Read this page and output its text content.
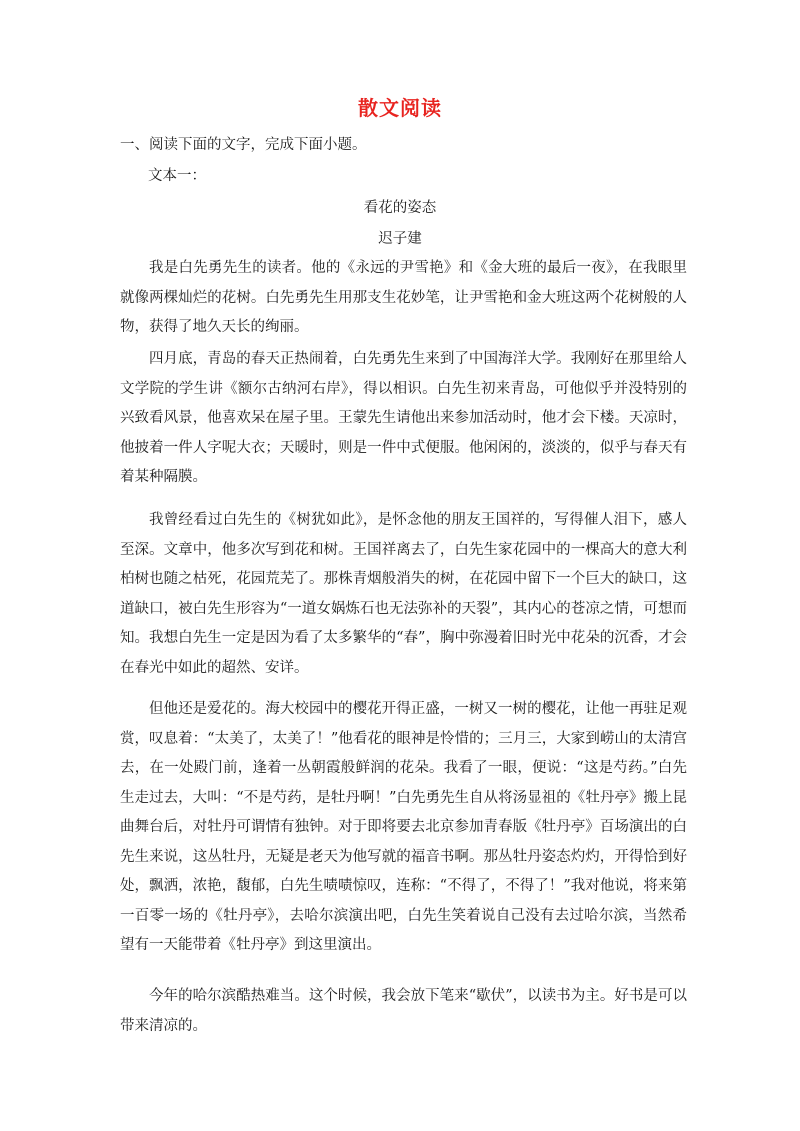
散文阅读

一、阅读下面的文字，完成下面小题。

文本一：

看花的姿态

迟子建

我是白先勇先生的读者。他的《永远的尹雪艳》和《金大班的最后一夜》，在我眼里就像两棵灿烂的花树。白先勇先生用那支生花妙笔，让尹雪艳和金大班这两个花树般的人物，获得了地久天长的绚丽。

四月底，青岛的春天正热闹着，白先勇先生来到了中国海洋大学。我刚好在那里给人文学院的学生讲《额尔古纳河右岸》，得以相识。白先生初来青岛，可他似乎并没特别的兴致看风景，他喜欢呆在屋子里。王蒙先生请他出来参加活动时，他才会下楼。天凉时，他披着一件人字呢大衣；天暖时，则是一件中式便服。他闲闲的，淡淡的，似乎与春天有着某种隔膜。

我曾经看过白先生的《树犹如此》，是怀念他的朋友王国祥的，写得催人泪下，感人至深。文章中，他多次写到花和树。王国祥离去了，白先生家花园中的一棵高大的意大利柏树也随之枯死，花园荒芜了。那株青烟般消失的树，在花园中留下一个巨大的缺口，这道缺口，被白先生形容为“一道女娲炼石也无法弥补的天裂”，其内心的苍凉之情，可想而知。我想白先生一定是因为看了太多繁华的“春”，胸中弥漫着旧时光中花朵的沉香，才会在春光中如此的超然、安详。

但他还是爱花的。海大校园中的樱花开得正盛，一树又一树的樱花，让他一再驻足观赏，叹息着：“太美了，太美了！”他看花的眼神是怜惜的；三月三，大家到崂山的太清宫去，在一处殿门前，逢着一丛朝霞般鲜润的花朵。我看了一眼，便说：“这是芍药。”白先生走过去，大叫：“不是芍药，是牡丹啊！”白先勇先生自从将汤显祖的《牡丹亭》搬上昆曲舞台后，对牡丹可谓情有独钟。对于即将要去北京参加青春版《牡丹亭》百场演出的白先生来说，这丛牡丹，无疑是老天为他写就的福音书啊。那丛牡丹姿态灼灼，开得恰到好处，飘洒，浓艳，馥郁，白先生啧啧惊叹，连称：“不得了，不得了！”我对他说，将来第一百零一场的《牡丹亭》，去哈尔滨演出吧，白先生笑着说自己没有去过哈尔滨，当然希望有一天能带着《牡丹亭》到这里演出。

今年的哈尔滨酷热难当。这个时候，我会放下笔来“歇伏”，以读书为主。好书是可以带来清凉的。
